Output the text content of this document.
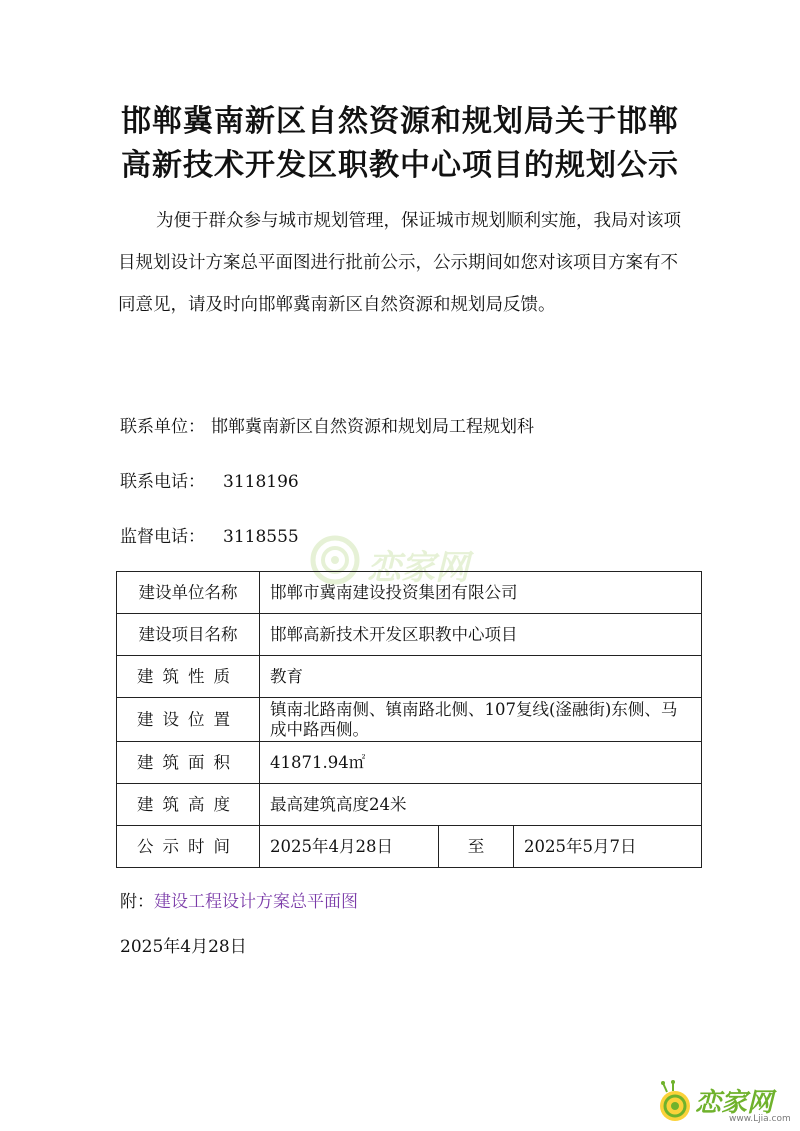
邯郸冀南新区自然资源和规划局关于邯郸
高新技术开发区职教中心项目的规划公示

为便于群众参与城市规划管理，保证城市规划顺利实施，我局对该项目规划设计方案总平面图进行批前公示，公示期间如您对该项目方案有不同意见，请及时向邯郸冀南新区自然资源和规划局反馈。

联系单位： 邯郸冀南新区自然资源和规划局工程规划科
联系电话： 3118196
监督电话： 3118555
恋家网
建设单位名称	邯郸市冀南建设投资集团有限公司		
建设项目名称	邯郸高新技术开发区职教中心项目		
建筑性质	教育		
建设位置	镇南北路南侧、镇南路北侧、107复线(滏融街)东侧、马成中路西侧。		
建筑面积	41871.94㎡		
建筑高度	最高建筑高度24米		
公示时间	2025年4月28日	至	2025年5月7日
附：建设工程设计方案总平面图
2025年4月28日
恋家网
www.Ljia.com
